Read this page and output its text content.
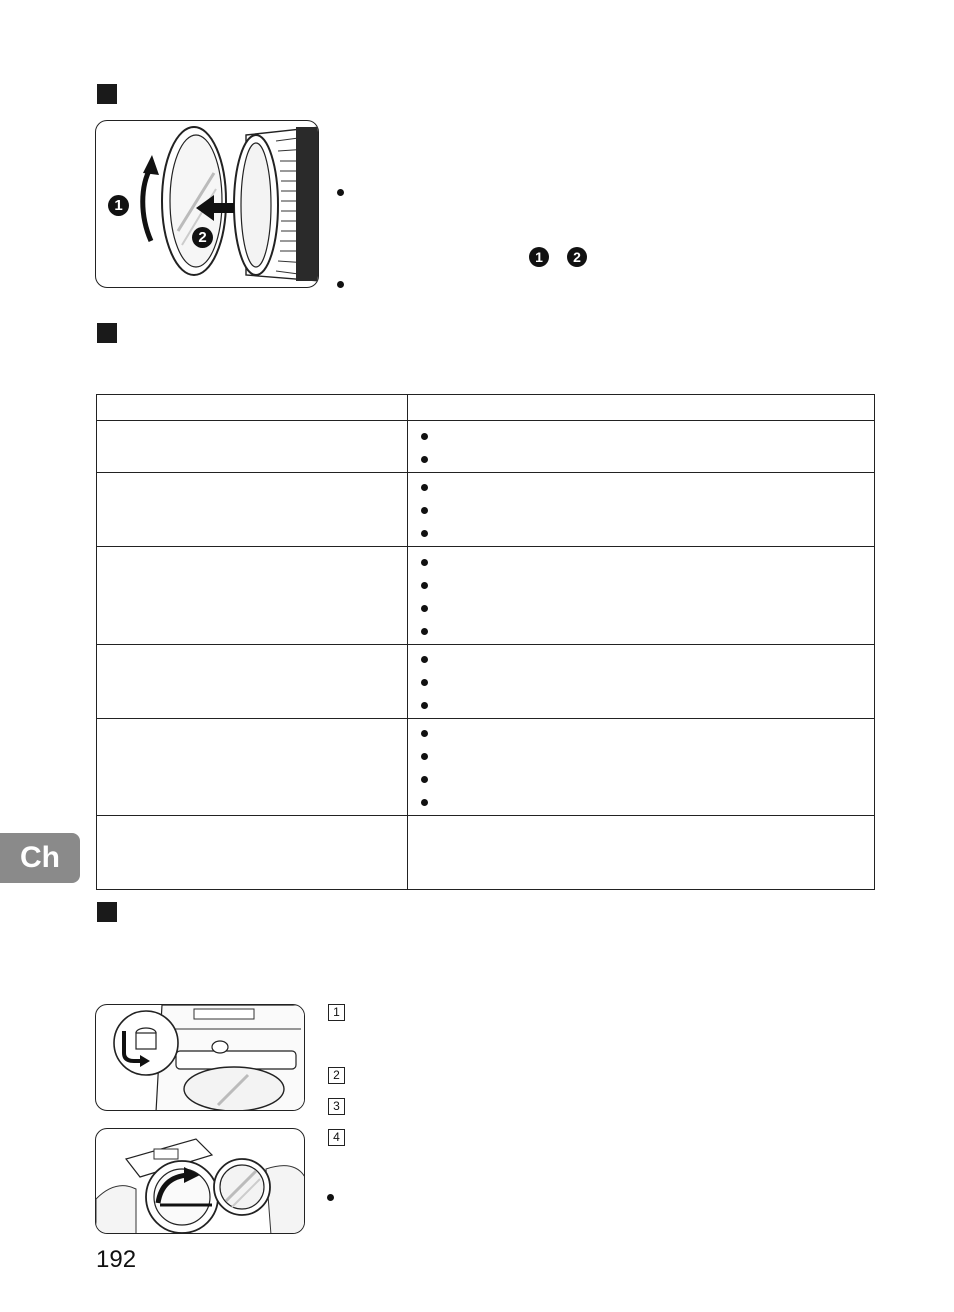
1
2
1	2

Ch
1
2
3
4
192
